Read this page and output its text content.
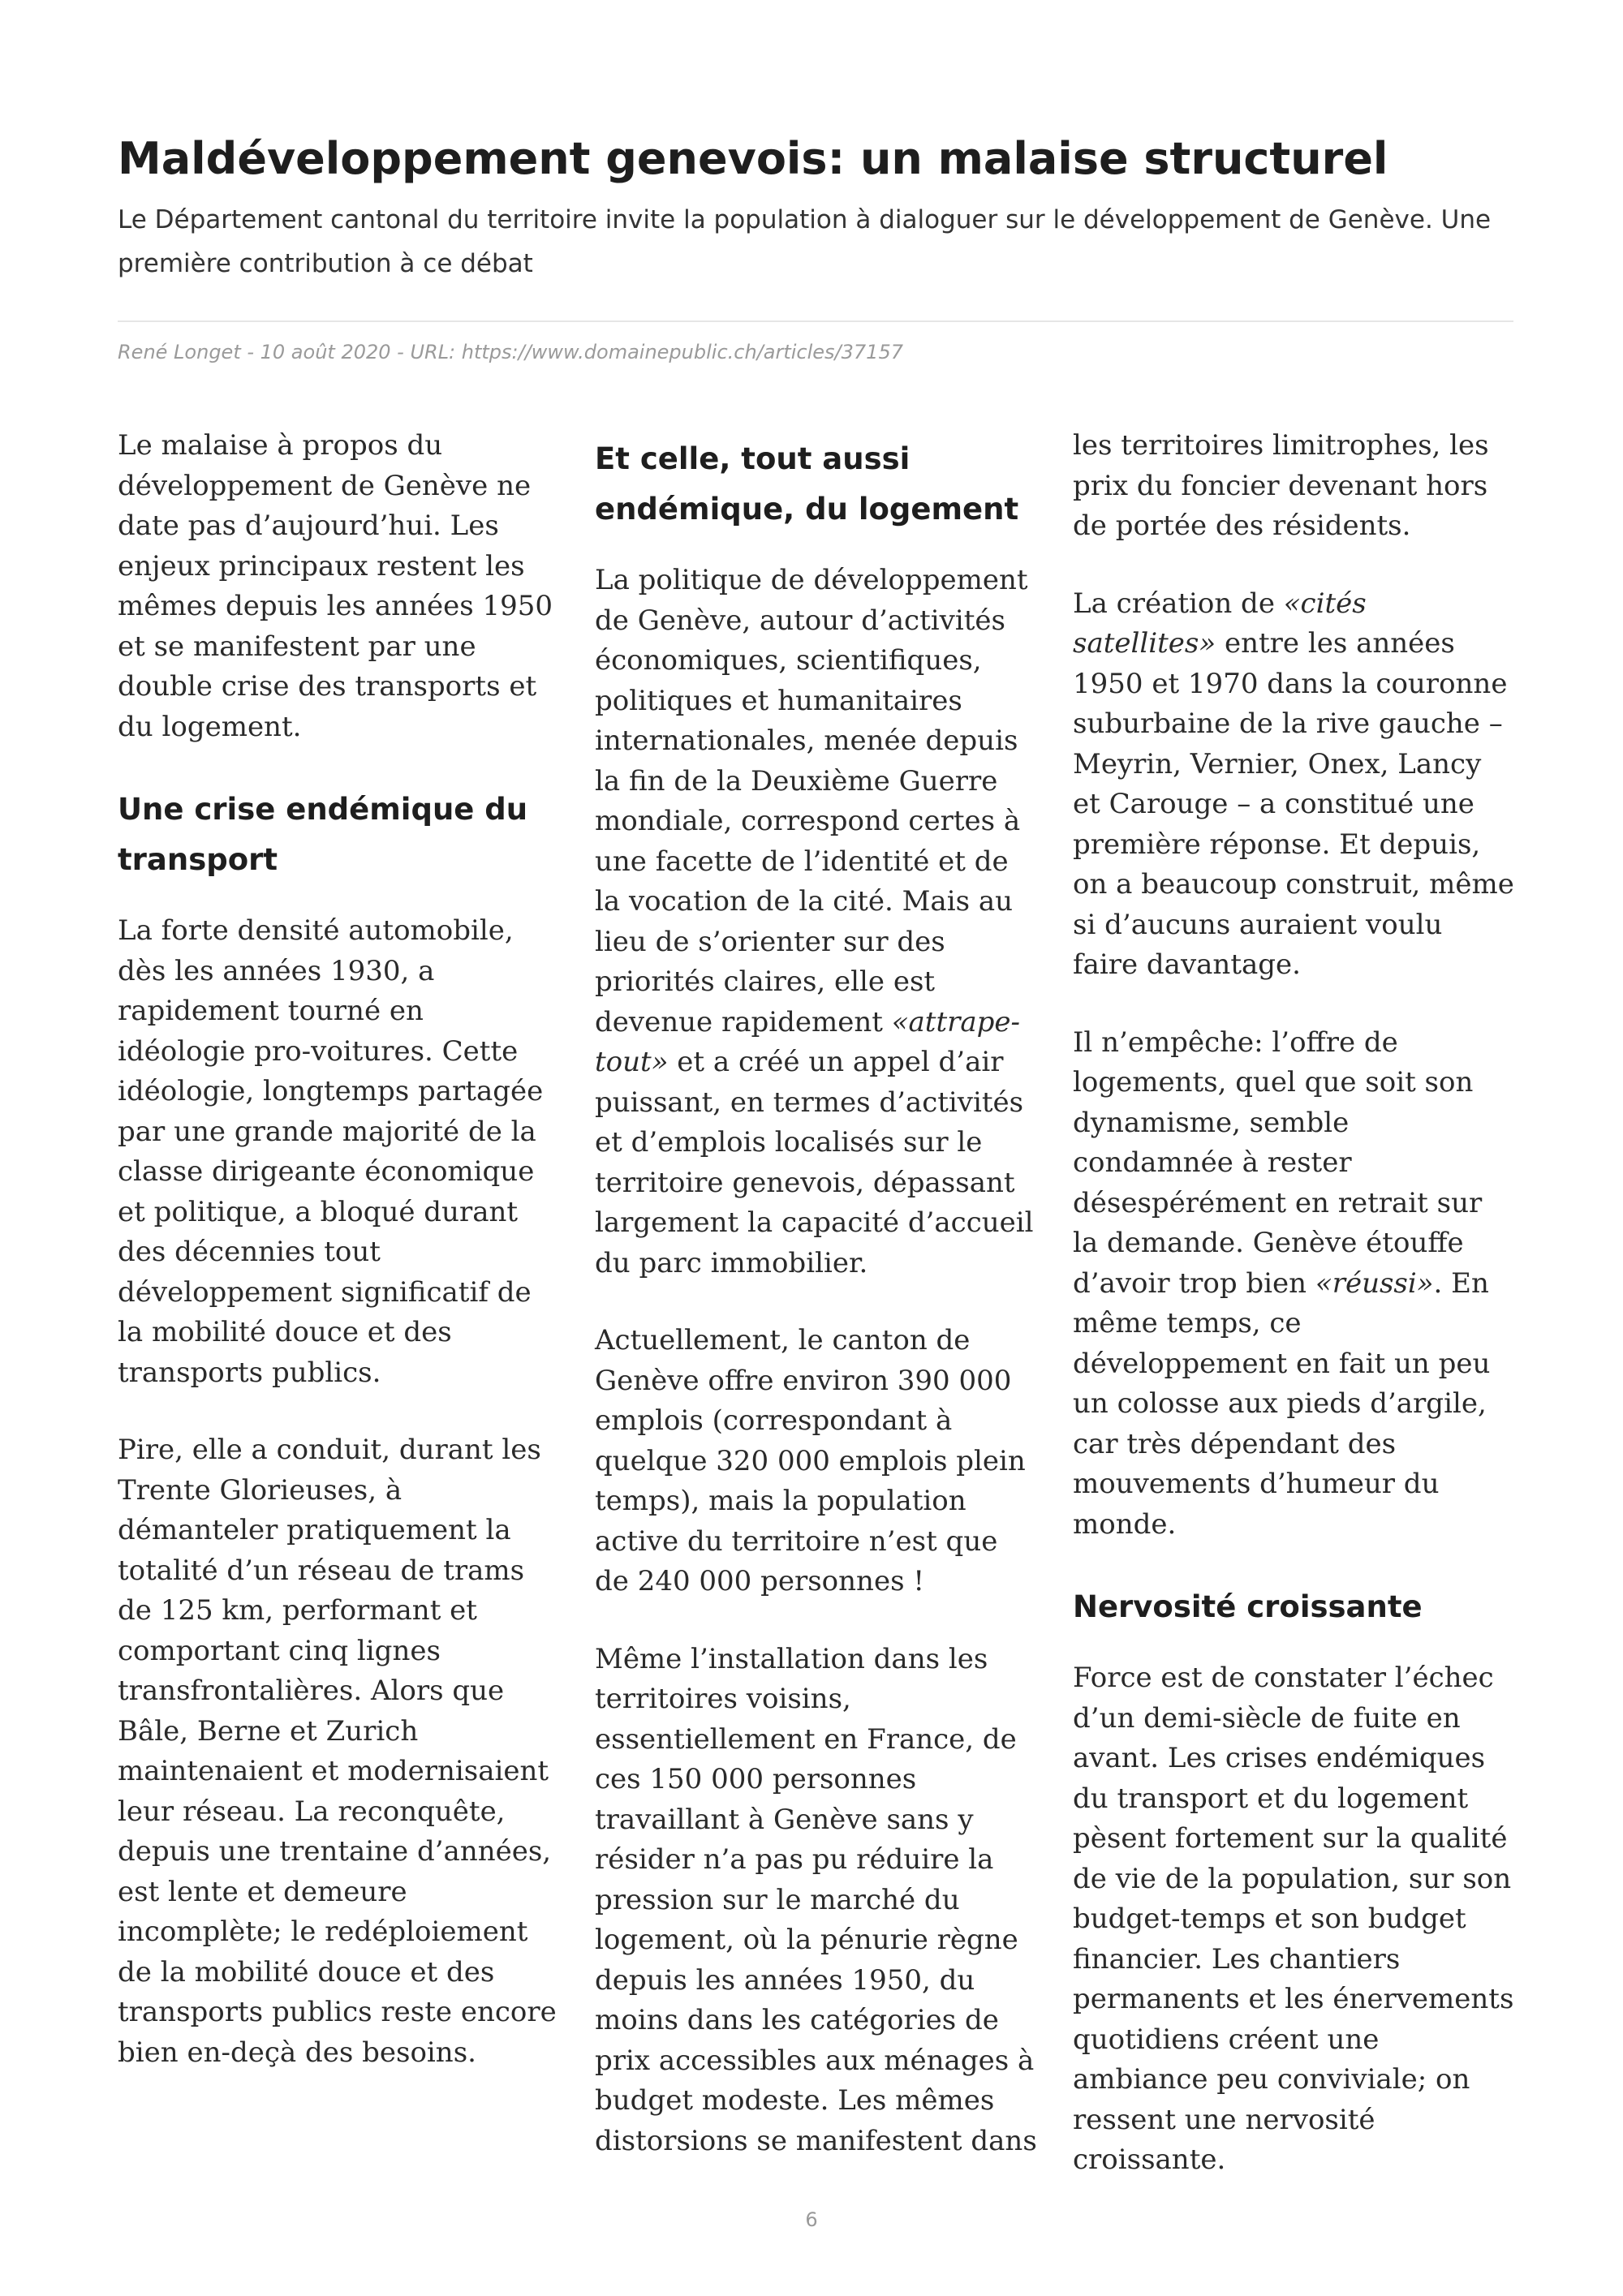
Maldéveloppement genevois: un malaise structurel

Le Département cantonal du territoire invite la population à dialoguer sur le développement de Genève. Une première contribution à ce débat

René Longet - 10 août 2020 - URL: https://www.domainepublic.ch/articles/37157

Le malaise à propos du développement de Genève ne date pas d’aujourd’hui. Les enjeux principaux restent les mêmes depuis les années 1950 et se manifestent par une double crise des transports et du logement.

Une crise endémique du transport

La forte densité automobile, dès les années 1930, a rapidement tourné en idéologie pro-voitures. Cette idéologie, longtemps partagée par une grande majorité de la classe dirigeante économique et politique, a bloqué durant des décennies tout développement significatif de la mobilité douce et des transports publics.

Pire, elle a conduit, durant les Trente Glorieuses, à démanteler pratiquement la totalité d’un réseau de trams de 125 km, performant et comportant cinq lignes transfrontalières. Alors que Bâle, Berne et Zurich maintenaient et modernisaient leur réseau. La reconquête, depuis une trentaine d’années, est lente et demeure incomplète; le redéploiement de la mobilité douce et des transports publics reste encore bien en-deçà des besoins.

Et celle, tout aussi endémique, du logement

La politique de développement de Genève, autour d’activités économiques, scientifiques, politiques et humanitaires internationales, menée depuis la fin de la Deuxième Guerre mondiale, correspond certes à une facette de l’identité et de la vocation de la cité. Mais au lieu de s’orienter sur des priorités claires, elle est devenue rapidement «attrape-tout» et a créé un appel d’air puissant, en termes d’activités et d’emplois localisés sur le territoire genevois, dépassant largement la capacité d’accueil du parc immobilier.

Actuellement, le canton de Genève offre environ 390 000 emplois (correspondant à quelque 320 000 emplois plein temps), mais la population active du territoire n’est que de 240 000 personnes !

Même l’installation dans les territoires voisins, essentiellement en France, de ces 150 000 personnes travaillant à Genève sans y résider n’a pas pu réduire la pression sur le marché du logement, où la pénurie règne depuis les années 1950, du moins dans les catégories de prix accessibles aux ménages à budget modeste. Les mêmes distorsions se manifestent dans

les territoires limitrophes, les prix du foncier devenant hors de portée des résidents.

La création de «cités satellites» entre les années 1950 et 1970 dans la couronne suburbaine de la rive gauche – Meyrin, Vernier, Onex, Lancy et Carouge – a constitué une première réponse. Et depuis, on a beaucoup construit, même si d’aucuns auraient voulu faire davantage.

Il n’empêche: l’offre de logements, quel que soit son dynamisme, semble condamnée à rester désespérément en retrait sur la demande. Genève étouffe d’avoir trop bien «réussi». En même temps, ce développement en fait un peu un colosse aux pieds d’argile, car très dépendant des mouvements d’humeur du monde.

Nervosité croissante

Force est de constater l’échec d’un demi-siècle de fuite en avant. Les crises endémiques du transport et du logement pèsent fortement sur la qualité de vie de la population, sur son budget-temps et son budget financier. Les chantiers permanents et les énervements quotidiens créent une ambiance peu conviviale; on ressent une nervosité croissante.

6
